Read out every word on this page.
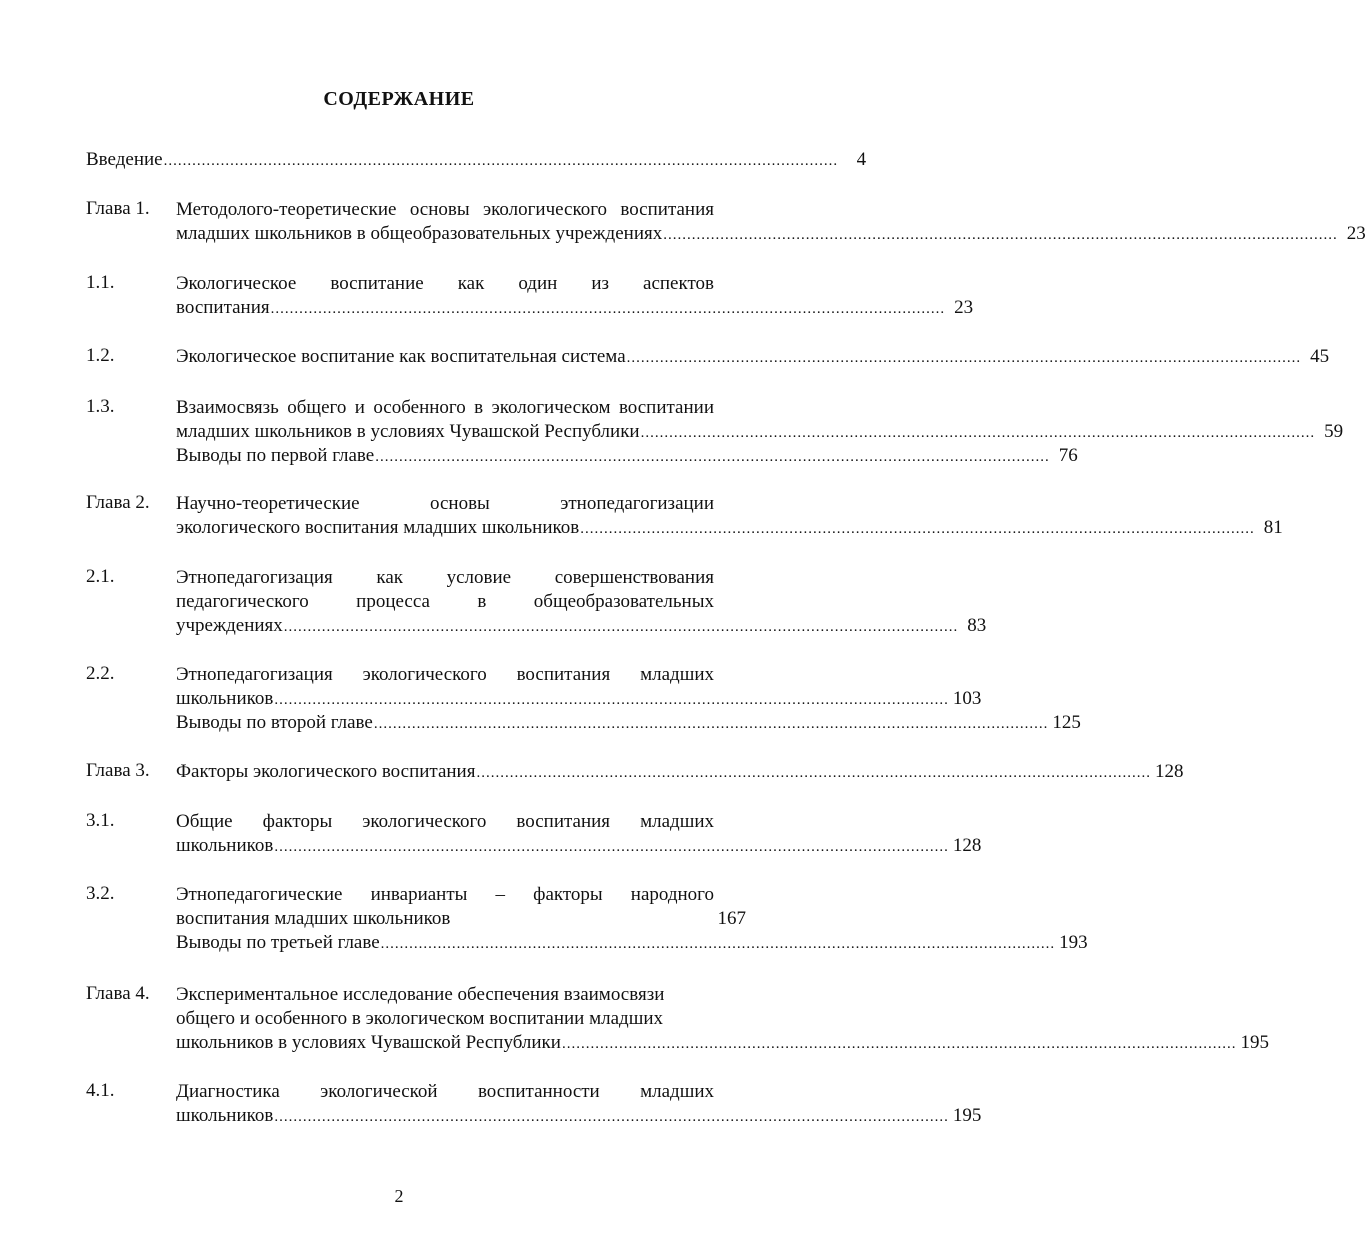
СОДЕРЖАНИЕ
Введение .............................................................................................................................................. 4
Глава 1.	Методолого-теоретические основы экологического воспитания
младших школьников в общеобразовательных учреждениях .............................................................................................................................................. 23
1.1.	Экологическое воспитание как один из аспектов
воспитания .............................................................................................................................................. 23
1.2.	Экологическое воспитание как воспитательная система .............................................................................................................................................. 45
1.3.	Взаимосвязь общего и особенного в экологическом воспитании
младших школьников в условиях Чувашской Республики .............................................................................................................................................. 59
Выводы по первой главе .............................................................................................................................................. 76
Глава 2.	Научно-теоретические основы этнопедагогизации
экологического воспитания младших школьников .............................................................................................................................................. 81
2.1.	Этнопедагогизация как условие совершенствования
педагогического процесса в общеобразовательных
учреждениях .............................................................................................................................................. 83
2.2.	Этнопедагогизация экологического воспитания младших
школьников .............................................................................................................................................. 103
Выводы по второй главе .............................................................................................................................................. 125
Глава 3.	Факторы экологического воспитания .............................................................................................................................................. 128
3.1.	Общие факторы экологического воспитания младших
школьников .............................................................................................................................................. 128
3.2.	Этнопедагогические инварианты – факторы народного
воспитания младших школьников	167
Выводы по третьей главе .............................................................................................................................................. 193
Глава 4.	Экспериментальное исследование обеспечения взаимосвязи
общего и особенного в экологическом воспитании младших
школьников в условиях Чувашской Республики .............................................................................................................................................. 195
4.1.	Диагностика экологической воспитанности младших
школьников .............................................................................................................................................. 195
2
